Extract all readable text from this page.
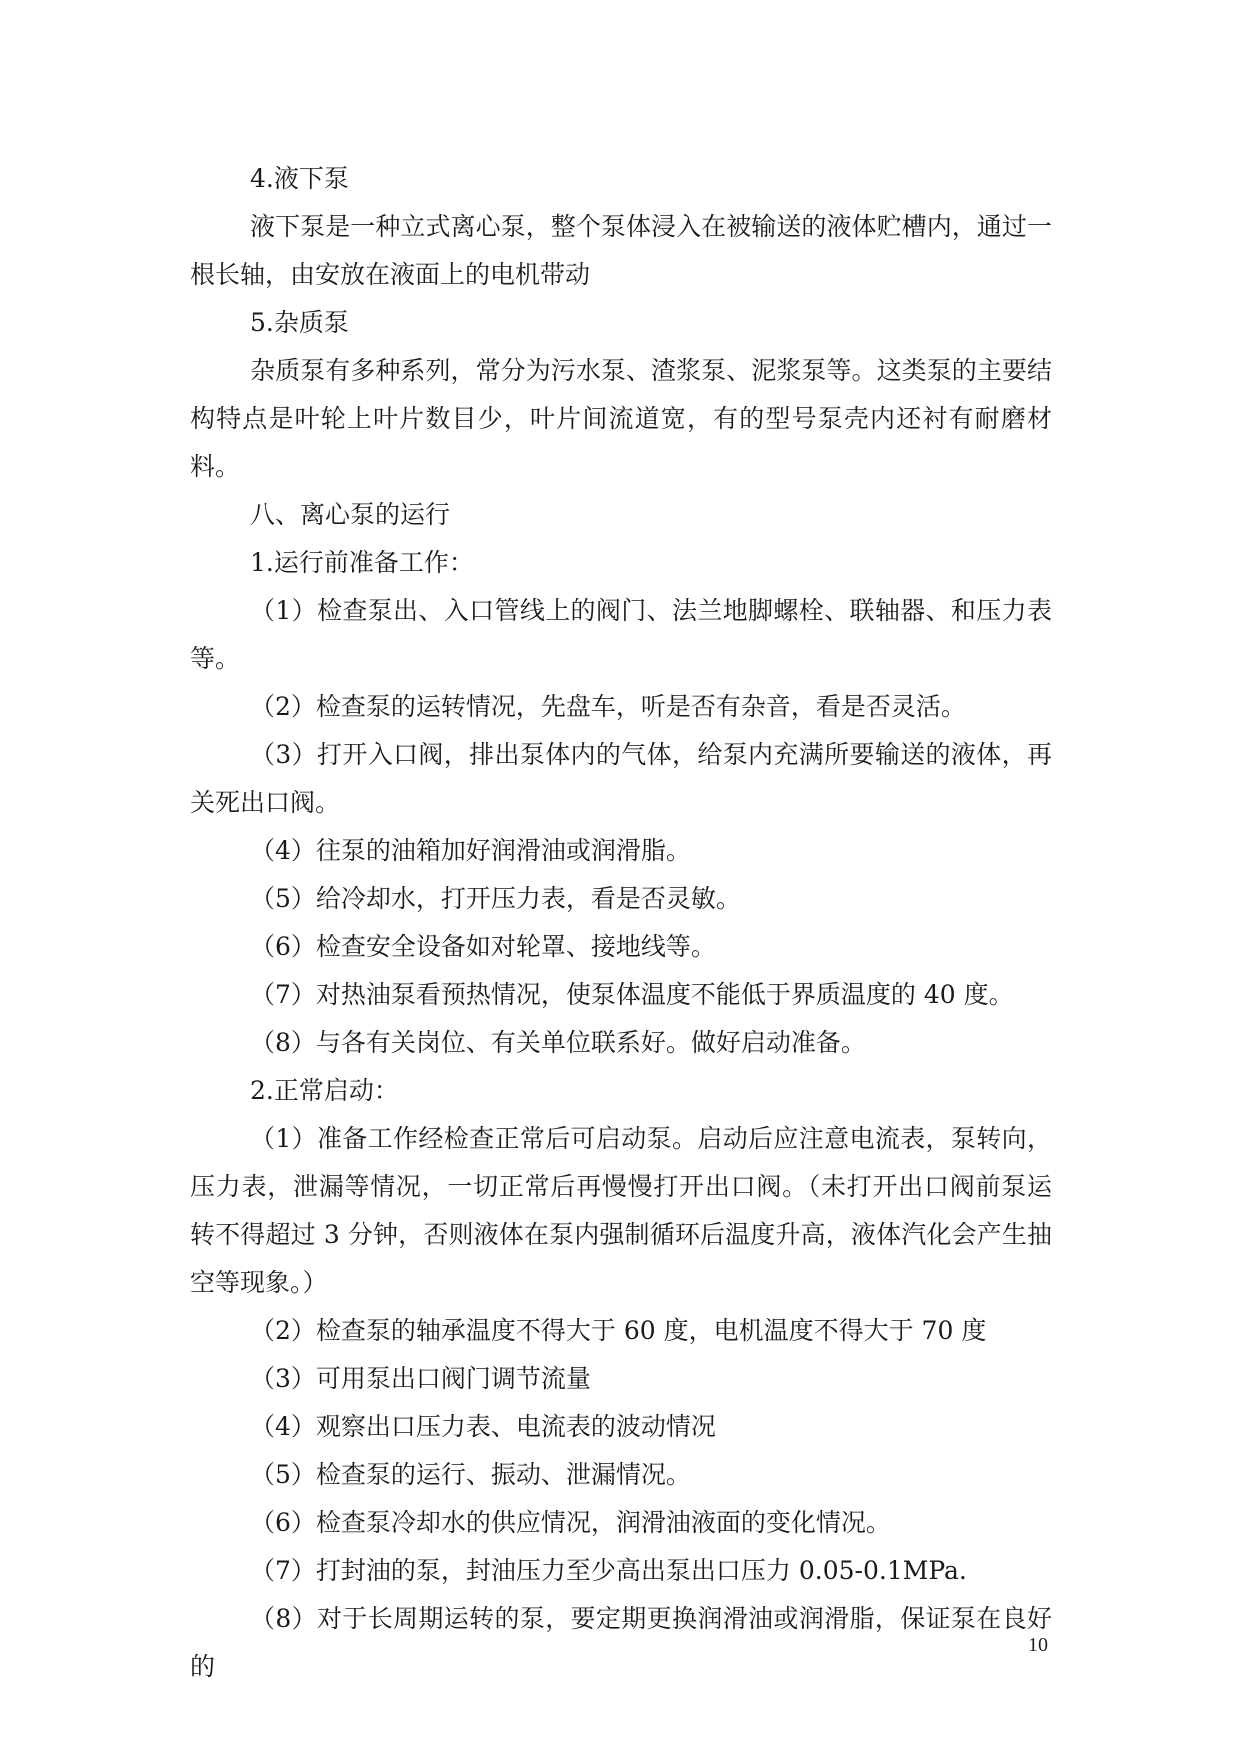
4.液下泵

液下泵是一种立式离心泵，整个泵体浸入在被输送的液体贮槽内，通过一根长轴，由安放在液面上的电机带动

5.杂质泵

杂质泵有多种系列，常分为污水泵、渣浆泵、泥浆泵等。这类泵的主要结构特点是叶轮上叶片数目少，叶片间流道宽，有的型号泵壳内还衬有耐磨材料。

八、离心泵的运行

1.运行前准备工作：

（1）检查泵出、入口管线上的阀门、法兰地脚螺栓、联轴器、和压力表等。

（2）检查泵的运转情况，先盘车，听是否有杂音，看是否灵活。

（3）打开入口阀，排出泵体内的气体，给泵内充满所要输送的液体，再关死出口阀。

（4）往泵的油箱加好润滑油或润滑脂。

（5）给冷却水，打开压力表，看是否灵敏。

（6）检查安全设备如对轮罩、接地线等。

（7）对热油泵看预热情况，使泵体温度不能低于界质温度的 40 度。

（8）与各有关岗位、有关单位联系好。做好启动准备。

2.正常启动：

（1）准备工作经检查正常后可启动泵。启动后应注意电流表，泵转向，压力表，泄漏等情况，一切正常后再慢慢打开出口阀。（未打开出口阀前泵运转不得超过 3 分钟，否则液体在泵内强制循环后温度升高，液体汽化会产生抽空等现象。）

（2）检查泵的轴承温度不得大于 60 度，电机温度不得大于 70 度

（3）可用泵出口阀门调节流量

（4）观察出口压力表、电流表的波动情况

（5）检查泵的运行、振动、泄漏情况。

（6）检查泵冷却水的供应情况，润滑油液面的变化情况。

（7）打封油的泵，封油压力至少高出泵出口压力 0.05-0.1MPa.

（8）对于长周期运转的泵，要定期更换润滑油或润滑脂，保证泵在良好的

10
